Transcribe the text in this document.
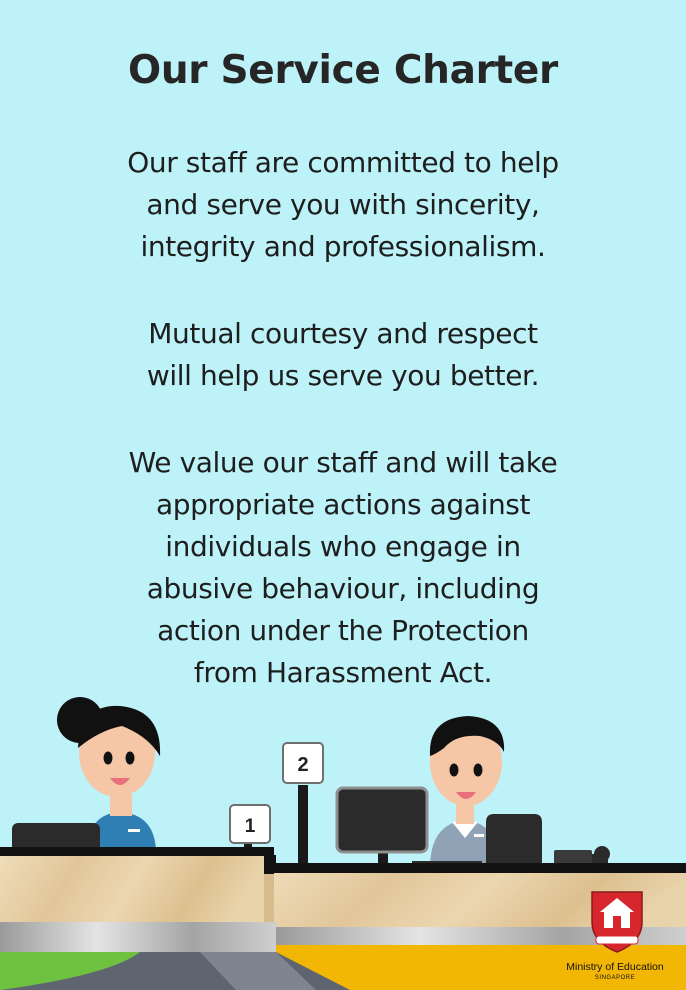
Our Service Charter
Our staff are committed to help
and serve you with sincerity,
integrity and professionalism.
Mutual courtesy and respect
will help us serve you better.
We value our staff and will take
appropriate actions against
individuals who engage in
abusive behaviour, including
action under the Protection
from Harassment Act.
2
1
Ministry of Education
SINGAPORE
